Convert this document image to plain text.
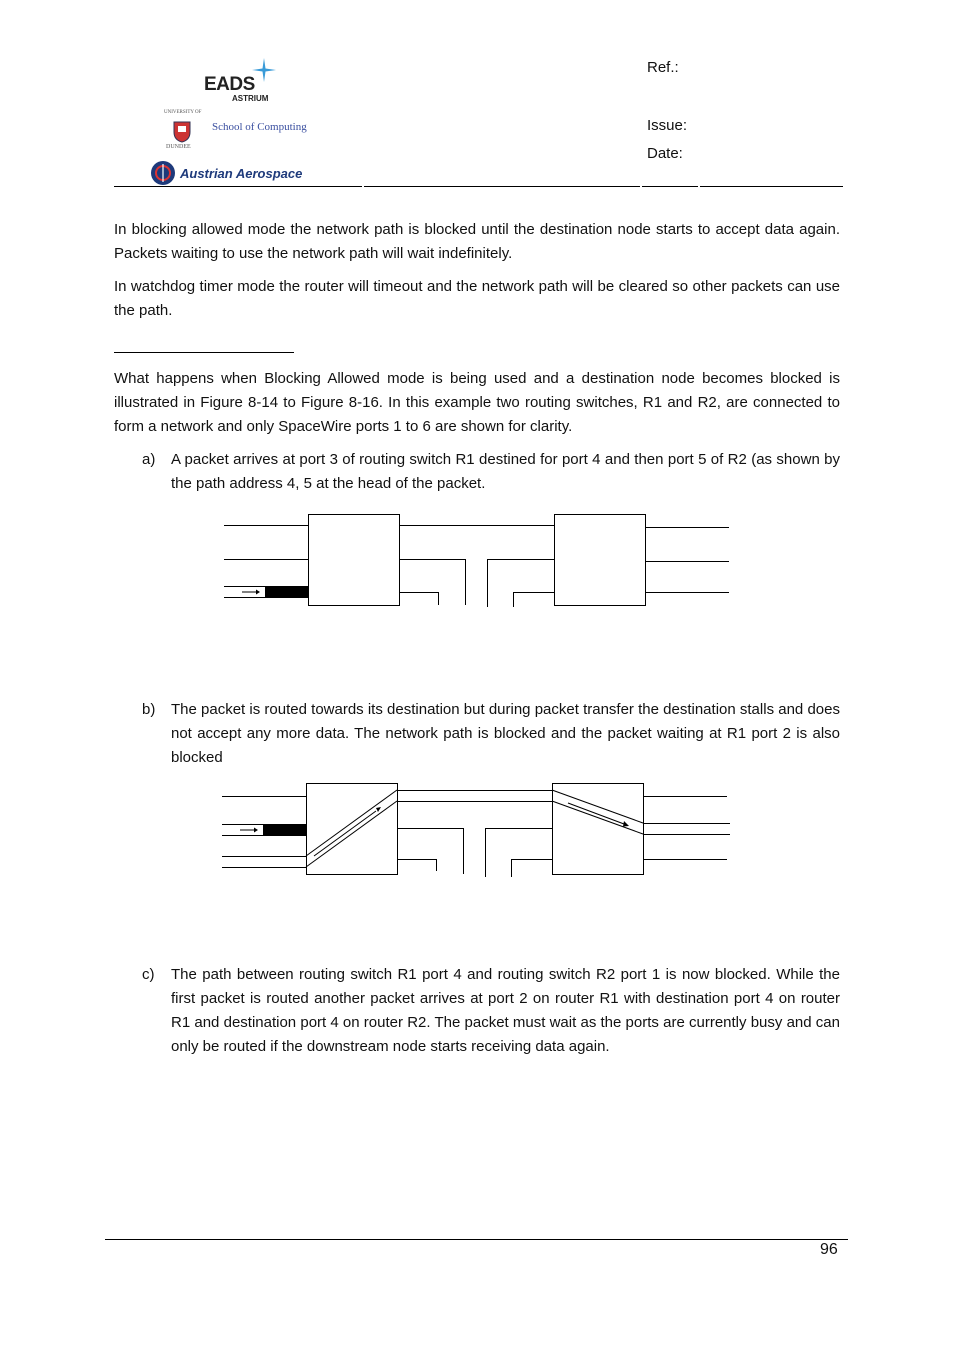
EADS
ASTRIUM
UNIVERSITY OF
School of Computing
DUNDEE
Austrian Aerospace
Ref.:
Issue:
Date:

In blocking allowed mode the network path is blocked until the destination node starts to accept data again. Packets waiting to use the network path will wait indefinitely.

In watchdog timer mode the router will timeout and the network path will be cleared so other packets can use the path.

What happens when Blocking Allowed mode is being used and a destination node becomes blocked is illustrated in Figure 8-14 to Figure 8-16. In this example two routing switches, R1 and R2, are connected to form a network and only SpaceWire ports 1 to 6 are shown for clarity.

a) A packet arrives at port 3 of routing switch R1 destined for port 4 and then port 5 of R2 (as shown by the path address 4, 5 at the head of the packet.
b) The packet is routed towards its destination but during packet transfer the destination stalls and does not accept any more data. The network path is blocked and the packet waiting at R1 port 2 is also blocked
c) The path between routing switch R1 port 4 and routing switch R2 port 1 is now blocked. While the first packet is routed another packet arrives at port 2 on router R1 with destination port 4 on router R1 and destination port 4 on router R2. The packet must wait as the ports are currently busy and can only be routed if the downstream node starts receiving data again.
96
